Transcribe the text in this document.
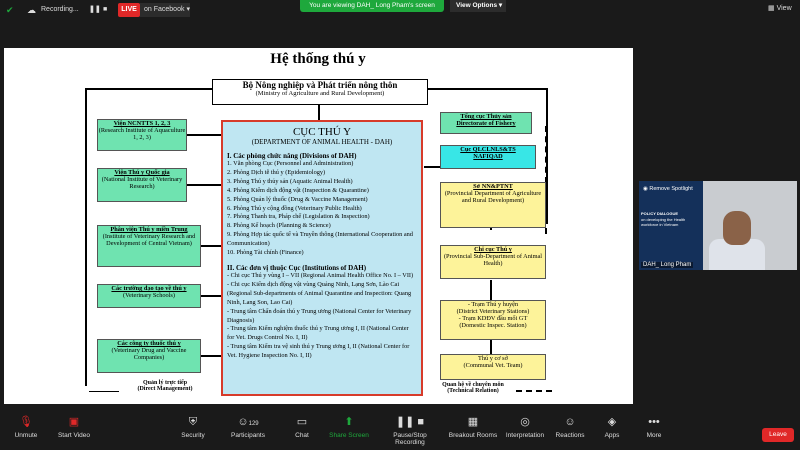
✔ ☁ Recording... ❚❚ ■	LIVE	on Facebook ▾
You are viewing DAH_ Long Pham's screen	View Options ▾	▦ View
Hệ thống thú y
Bộ Nông nghiệp và Phát triển nông thôn
(Ministry of Agriculture and Rural Development)
Viện NCNTTS 1, 2, 3
(Research Institute of Aquaculture 1, 2, 3)
Viện Thú y Quốc gia
(National Institute of Veterinary Research)
Phân viện Thú y miền Trung
(Institute of Veterinary Research and Development of Central Vietnam)
Các trường đạo tạo về thú y
(Veterinary Schools)
Các công ty thuốc thú y
(Veterinary Drug and Vaccine Companies)
CỤC THÚ Y
(DEPARTMENT OF ANIMAL HEALTH - DAH)
I. Các phòng chức năng (Divisions of DAH)
1. Văn phòng Cục (Personnel and Administration)
2. Phòng Dịch tễ thú y (Epidemiology)
3. Phòng Thú y thủy sản (Aquatic Animal Health)
4. Phòng Kiểm dịch động vật (Inspection & Quarantine)
5. Phòng Quản lý thuốc (Drug & Vaccine Management)
6. Phòng Thú y cộng đồng (Veterinary Public Health)
7. Phòng Thanh tra, Pháp chế (Legislation & Inspection)
8. Phòng Kế hoạch (Planning & Science)
9. Phòng Hợp tác quốc tế và Truyền thông (International Cooperation and Communication)
10. Phòng Tài chính (Finance)
II. Các đơn vị thuộc Cục (Institutions of DAH)
- Chi cục Thú y vùng I – VII (Regional Animal Health Office No. I – VII)
- Chi cục Kiểm dịch động vật vùng Quảng Ninh, Lạng Sơn, Lào Cai (Regional Sub-departments of Animal Quarantine and Inspection: Quang Ninh, Lang Son, Lao Cai)
- Trung tâm Chẩn đoán thú y Trung ương (National Center for Veterinary Diagnosis)
- Trung tâm Kiểm nghiệm thuốc thú y Trung ương I, II (National Center for Vet. Drugs Control No. I, II)
- Trung tâm Kiểm tra vệ sinh thú y Trung ương I, II (National Center for Vet. Hygiene Inspection No. I, II)
Tổng cục Thủy sản
Directorate of Fishery
Cục QLCLNLS&TS
NAFIQAD
Sở NN&PTNT
(Provincial Department of Agriculture and Rural Development)
Chi cục Thú y
(Provincial Sub-Department of Animal Health)
- Trạm Thú y huyện
(District Veterinary Stations)
- Trạm KDĐV đầu mối GT
(Domestic Inspec. Station)
Thú y cơ sở
(Communal Vet. Team)
Quản lý trực tiếp
(Direct Management)
Quan hệ về chuyên môn
(Technical Relation)
POLICY DIALOGUE
on developing the Health workforce in Vietnam
◉ Remove Spotlight
DAH_ Long Pham
🎙
Unmute
▣
Start Video
⛨
Security
☺129
Participants
▭
Chat
⬆
Share Screen
❚❚ ■
Pause/Stop Recording
▦
Breakout Rooms
◎
Interpretation
☺
Reactions
◈
Apps
•••
More	Leave
